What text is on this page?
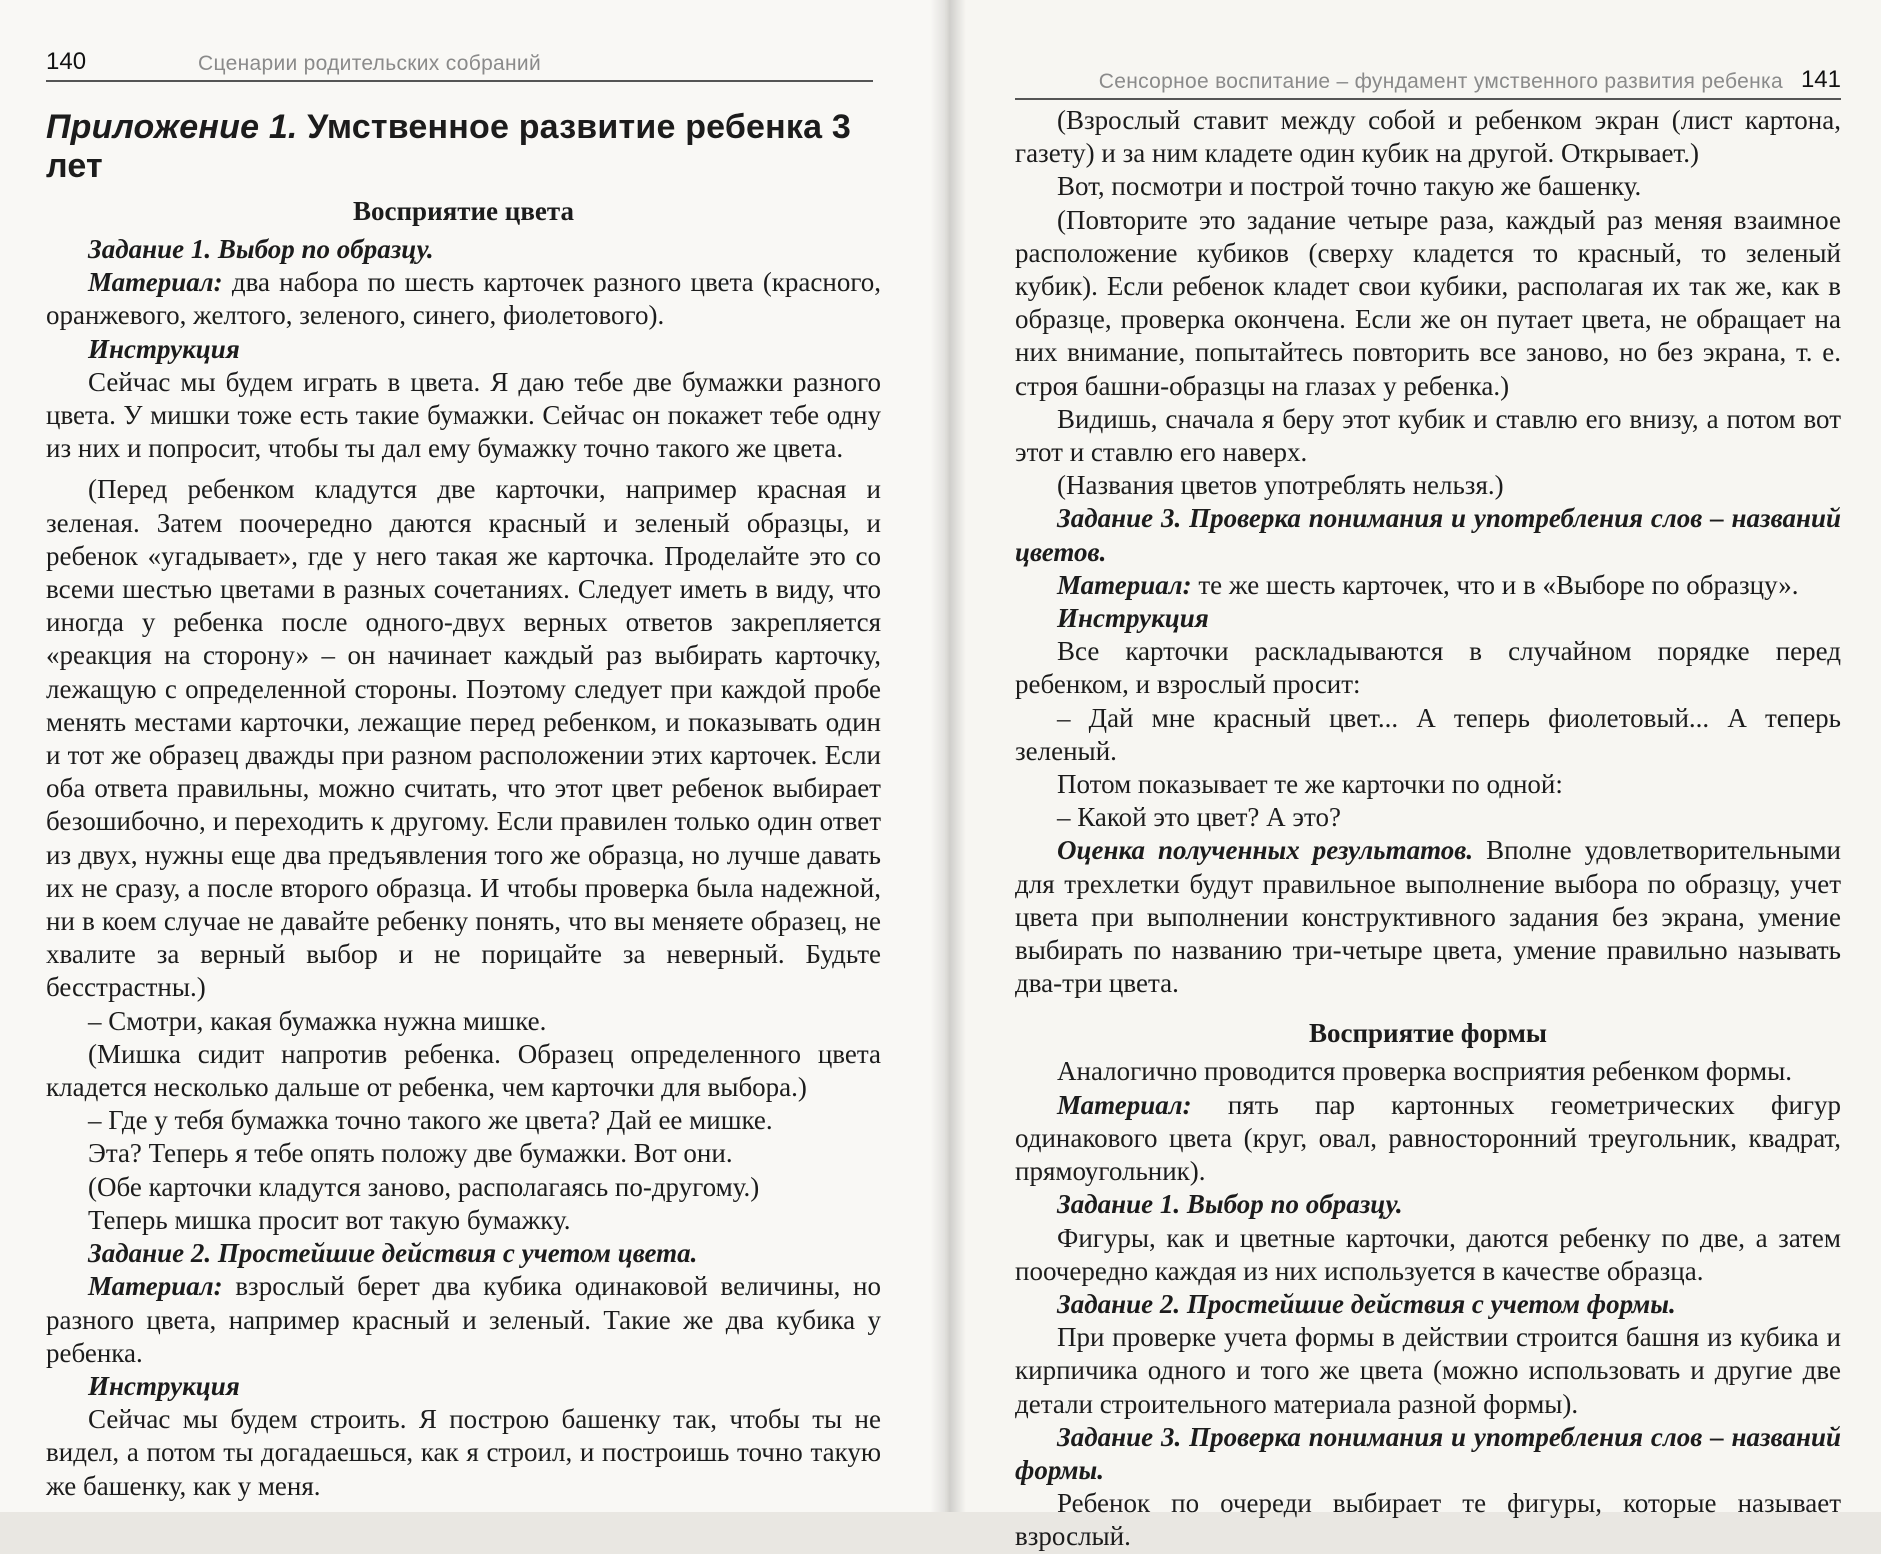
140	Сценарии родительских собраний
Приложение 1. Умственное развитие ребенка 3 лет
Восприятие цвета

Задание 1. Выбор по образцу.

Материал: два набора по шесть карточек разного цвета (красного, оранжевого, желтого, зеленого, синего, фиолетового).

Инструкция

Сейчас мы будем играть в цвета. Я даю тебе две бумажки разного цвета. У мишки тоже есть такие бумажки. Сейчас он покажет тебе одну из них и попросит, чтобы ты дал ему бумажку точно такого же цвета.

(Перед ребенком кладутся две карточки, например красная и зеленая. Затем поочередно даются красный и зеленый образцы, и ребенок «угадывает», где у него такая же карточка. Проделайте это со всеми шестью цветами в разных сочетаниях. Следует иметь в виду, что иногда у ребенка после одного-двух верных ответов закрепляется «реакция на сторону» – он начинает каждый раз выбирать карточку, лежащую с определенной стороны. Поэтому следует при каждой пробе менять местами карточки, лежащие перед ребенком, и показывать один и тот же образец дважды при разном расположении этих карточек. Если оба ответа правильны, можно считать, что этот цвет ребенок выбирает безошибочно, и переходить к другому. Если правилен только один ответ из двух, нужны еще два предъявления того же образца, но лучше давать их не сразу, а после второго образца. И чтобы проверка была надежной, ни в коем случае не давайте ребенку понять, что вы меняете образец, не хвалите за верный выбор и не порицайте за неверный. Будьте бесстрастны.)

– Смотри, какая бумажка нужна мишке.

(Мишка сидит напротив ребенка. Образец определенного цвета кладется несколько дальше от ребенка, чем карточки для выбора.)

– Где у тебя бумажка точно такого же цвета? Дай ее мишке.

Эта? Теперь я тебе опять положу две бумажки. Вот они.

(Обе карточки кладутся заново, располагаясь по-другому.)

Теперь мишка просит вот такую бумажку.

Задание 2. Простейшие действия с учетом цвета.

Материал: взрослый берет два кубика одинаковой величины, но разного цвета, например красный и зеленый. Такие же два кубика у ребенка.

Инструкция

Сейчас мы будем строить. Я построю башенку так, чтобы ты не видел, а потом ты догадаешься, как я строил, и построишь точно такую же башенку, как у меня.

Сенсорное воспитание – фундамент умственного развития ребенка 141

(Взрослый ставит между собой и ребенком экран (лист картона, газету) и за ним кладете один кубик на другой. Открывает.)

Вот, посмотри и построй точно такую же башенку.

(Повторите это задание четыре раза, каждый раз меняя взаимное расположение кубиков (сверху кладется то красный, то зеленый кубик). Если ребенок кладет свои кубики, располагая их так же, как в образце, проверка окончена. Если же он путает цвета, не обращает на них внимание, попытайтесь повторить все заново, но без экрана, т. е. строя башни-образцы на глазах у ребенка.)

Видишь, сначала я беру этот кубик и ставлю его внизу, а потом вот этот и ставлю его наверх.

(Названия цветов употреблять нельзя.)

Задание 3. Проверка понимания и употребления слов – названий цветов.

Материал: те же шесть карточек, что и в «Выборе по образцу».

Инструкция

Все карточки раскладываются в случайном порядке перед ребенком, и взрослый просит:

– Дай мне красный цвет... А теперь фиолетовый... А теперь зеленый.

Потом показывает те же карточки по одной:

– Какой это цвет? А это?

Оценка полученных результатов. Вполне удовлетворительными для трехлетки будут правильное выполнение выбора по образцу, учет цвета при выполнении конструктивного задания без экрана, умение выбирать по названию три-четыре цвета, умение правильно называть два-три цвета.

Восприятие формы

Аналогично проводится проверка восприятия ребенком формы.

Материал: пять пар картонных геометрических фигур одинакового цвета (круг, овал, равносторонний треугольник, квадрат, прямоугольник).

Задание 1. Выбор по образцу.

Фигуры, как и цветные карточки, даются ребенку по две, а затем поочередно каждая из них используется в качестве образца.

Задание 2. Простейшие действия с учетом формы.

При проверке учета формы в действии строится башня из кубика и кирпичика одного и того же цвета (можно использовать и другие две детали строительного материала разной формы).

Задание 3. Проверка понимания и употребления слов – названий формы.

Ребенок по очереди выбирает те фигуры, которые называет взрослый.
